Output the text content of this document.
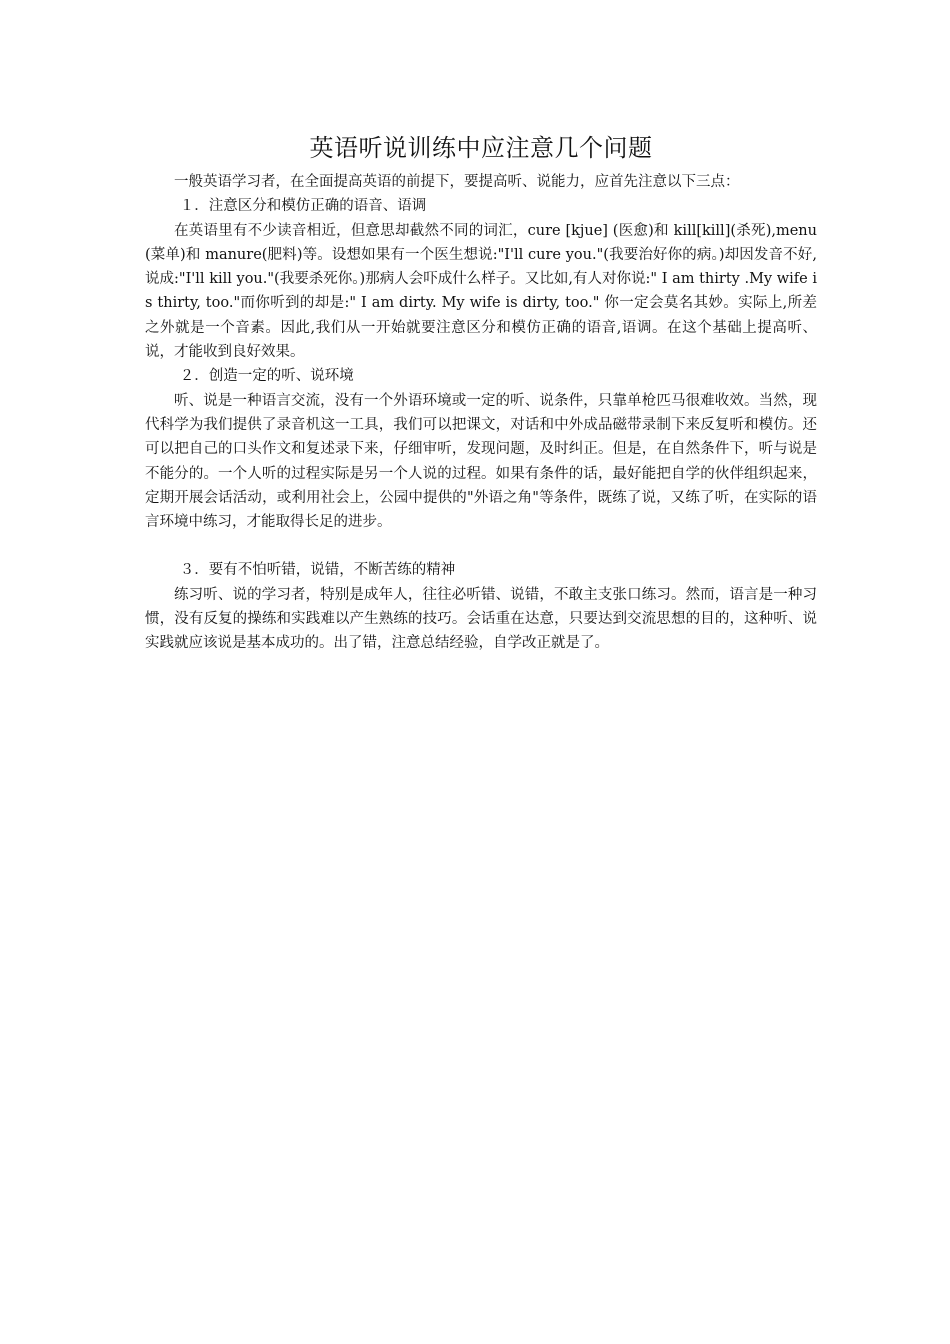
英语听说训练中应注意几个问题

一般英语学习者，在全面提高英语的前提下，要提高听、说能力，应首先注意以下三点：

１．注意区分和模仿正确的语音、语调

在英语里有不少读音相近，但意思却截然不同的词汇，cure [kjue] (医愈)和 kill[kill](杀死),menu(菜单)和 manure(肥料)等。设想如果有一个医生想说:"I'll cure you."(我要治好你的病。)却因发音不好,说成:"I'll kill you."(我要杀死你。)那病人会吓成什么样子。又比如,有人对你说:" I am thirty .My wife is thirty, too."而你听到的却是:" I am dirty. My wife is dirty, too." 你一定会莫名其妙。实际上,所差之外就是一个音素。因此,我们从一开始就要注意区分和模仿正确的语音,语调。在这个基础上提高听、说，才能收到良好效果。

２．创造一定的听、说环境

听、说是一种语言交流，没有一个外语环境或一定的听、说条件，只靠单枪匹马很难收效。当然，现代科学为我们提供了录音机这一工具，我们可以把课文，对话和中外成品磁带录制下来反复听和模仿。还可以把自己的口头作文和复述录下来，仔细审听，发现问题，及时纠正。但是，在自然条件下，听与说是不能分的。一个人听的过程实际是另一个人说的过程。如果有条件的话，最好能把自学的伙伴组织起来，定期开展会话活动，或利用社会上，公园中提供的"外语之角"等条件，既练了说，又练了听，在实际的语言环境中练习，才能取得长足的进步。

３．要有不怕听错，说错，不断苦练的精神

练习听、说的学习者，特别是成年人，往往必听错、说错，不敢主支张口练习。然而，语言是一种习惯，没有反复的操练和实践难以产生熟练的技巧。会话重在达意，只要达到交流思想的目的，这种听、说实践就应该说是基本成功的。出了错，注意总结经验，自学改正就是了。
